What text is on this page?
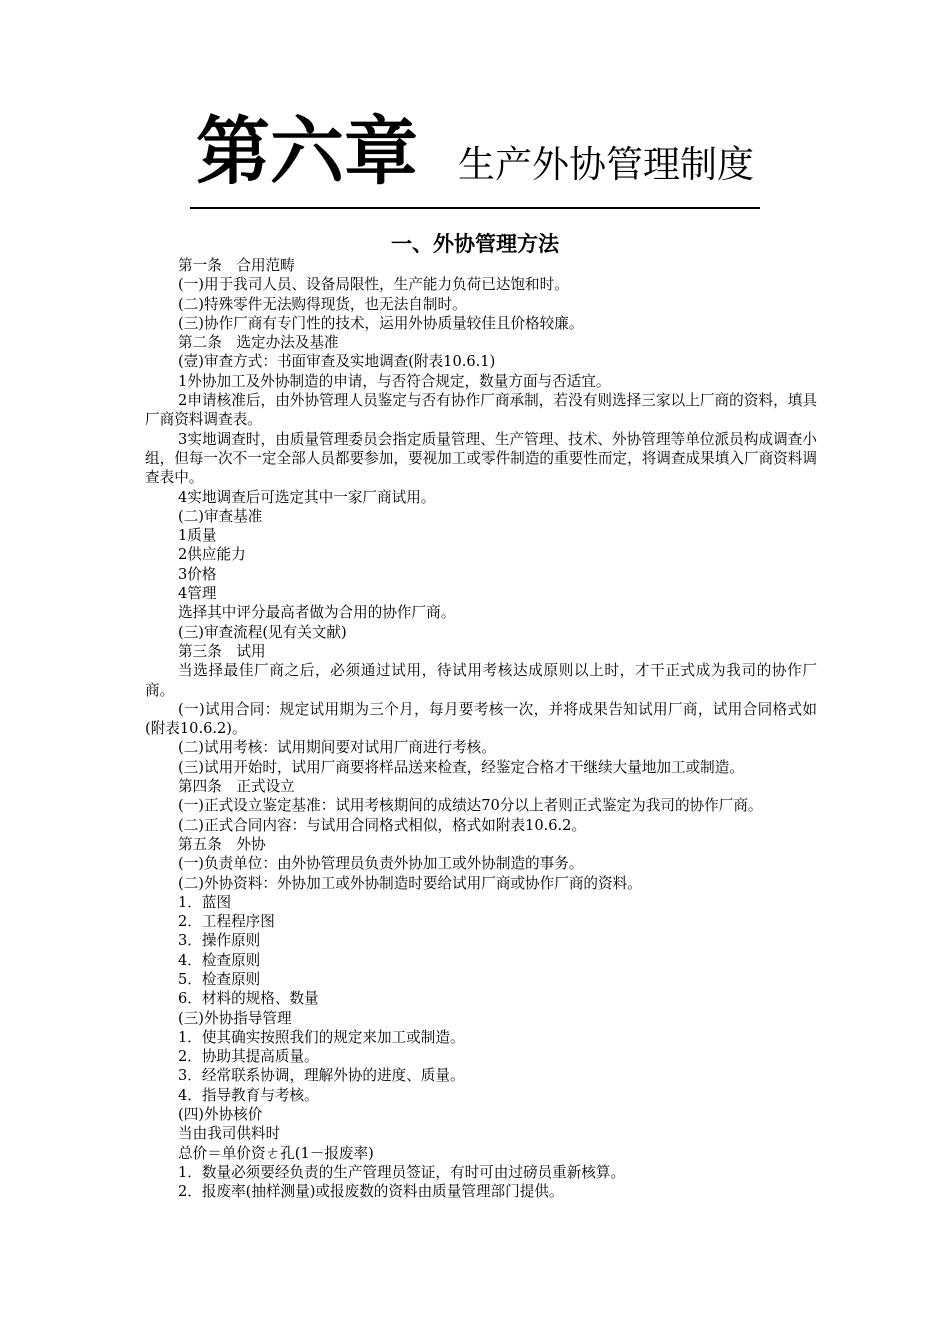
第六章 生产外协管理制度
一、外协管理方法

第一条　合用范畴

(一)用于我司人员、设备局限性，生产能力负荷已达饱和时。

(二)特殊零件无法购得现货，也无法自制时。

(三)协作厂商有专门性的技术，运用外协质量较佳且价格较廉。

第二条　选定办法及基准

(壹)审查方式：书面审查及实地调查(附表10.6.1)

1外协加工及外协制造的申请，与否符合规定，数量方面与否适宜。

2申请核准后，由外协管理人员鉴定与否有协作厂商承制，若没有则选择三家以上厂商的资料，填具厂商资料调查表。

3实地调查时，由质量管理委员会指定质量管理、生产管理、技术、外协管理等单位派员构成调查小组，但每一次不一定全部人员都要参加，要视加工或零件制造的重要性而定，将调查成果填入厂商资料调查表中。

4实地调查后可选定其中一家厂商试用。

(二)审查基准

1质量

2供应能力

3价格

4管理

选择其中评分最高者做为合用的协作厂商。

(三)审查流程(见有关文献)

第三条　试用

当选择最佳厂商之后，必须通过试用，待试用考核达成原则以上时，才干正式成为我司的协作厂商。

(一)试用合同：规定试用期为三个月，每月要考核一次，并将成果告知试用厂商，试用合同格式如(附表10.6.2)。

(二)试用考核：试用期间要对试用厂商进行考核。

(三)试用开始时，试用厂商要将样品送来检查，经鉴定合格才干继续大量地加工或制造。

第四条　正式设立

(一)正式设立鉴定基准：试用考核期间的成绩达70分以上者则正式鉴定为我司的协作厂商。

(二)正式合同内容：与试用合同格式相似，格式如附表10.6.2。

第五条　外协

(一)负责单位：由外协管理员负责外协加工或外协制造的事务。

(二)外协资料：外协加工或外协制造时要给试用厂商或协作厂商的资料。

1．蓝图

2．工程程序图

3．操作原则

4．检查原则

5．检查原则

6．材料的规格、数量

(三)外协指导管理

1．使其确实按照我们的规定来加工或制造。

2．协助其提高质量。

3．经常联系协调，理解外协的进度、质量。

4．指导教育与考核。

(四)外协核价

当由我司供料时

总价＝单价资ㄜ孔(1－报废率)

1．数量必须要经负责的生产管理员签证，有时可由过磅员重新核算。

2．报废率(抽样测量)或报废数的资料由质量管理部门提供。
